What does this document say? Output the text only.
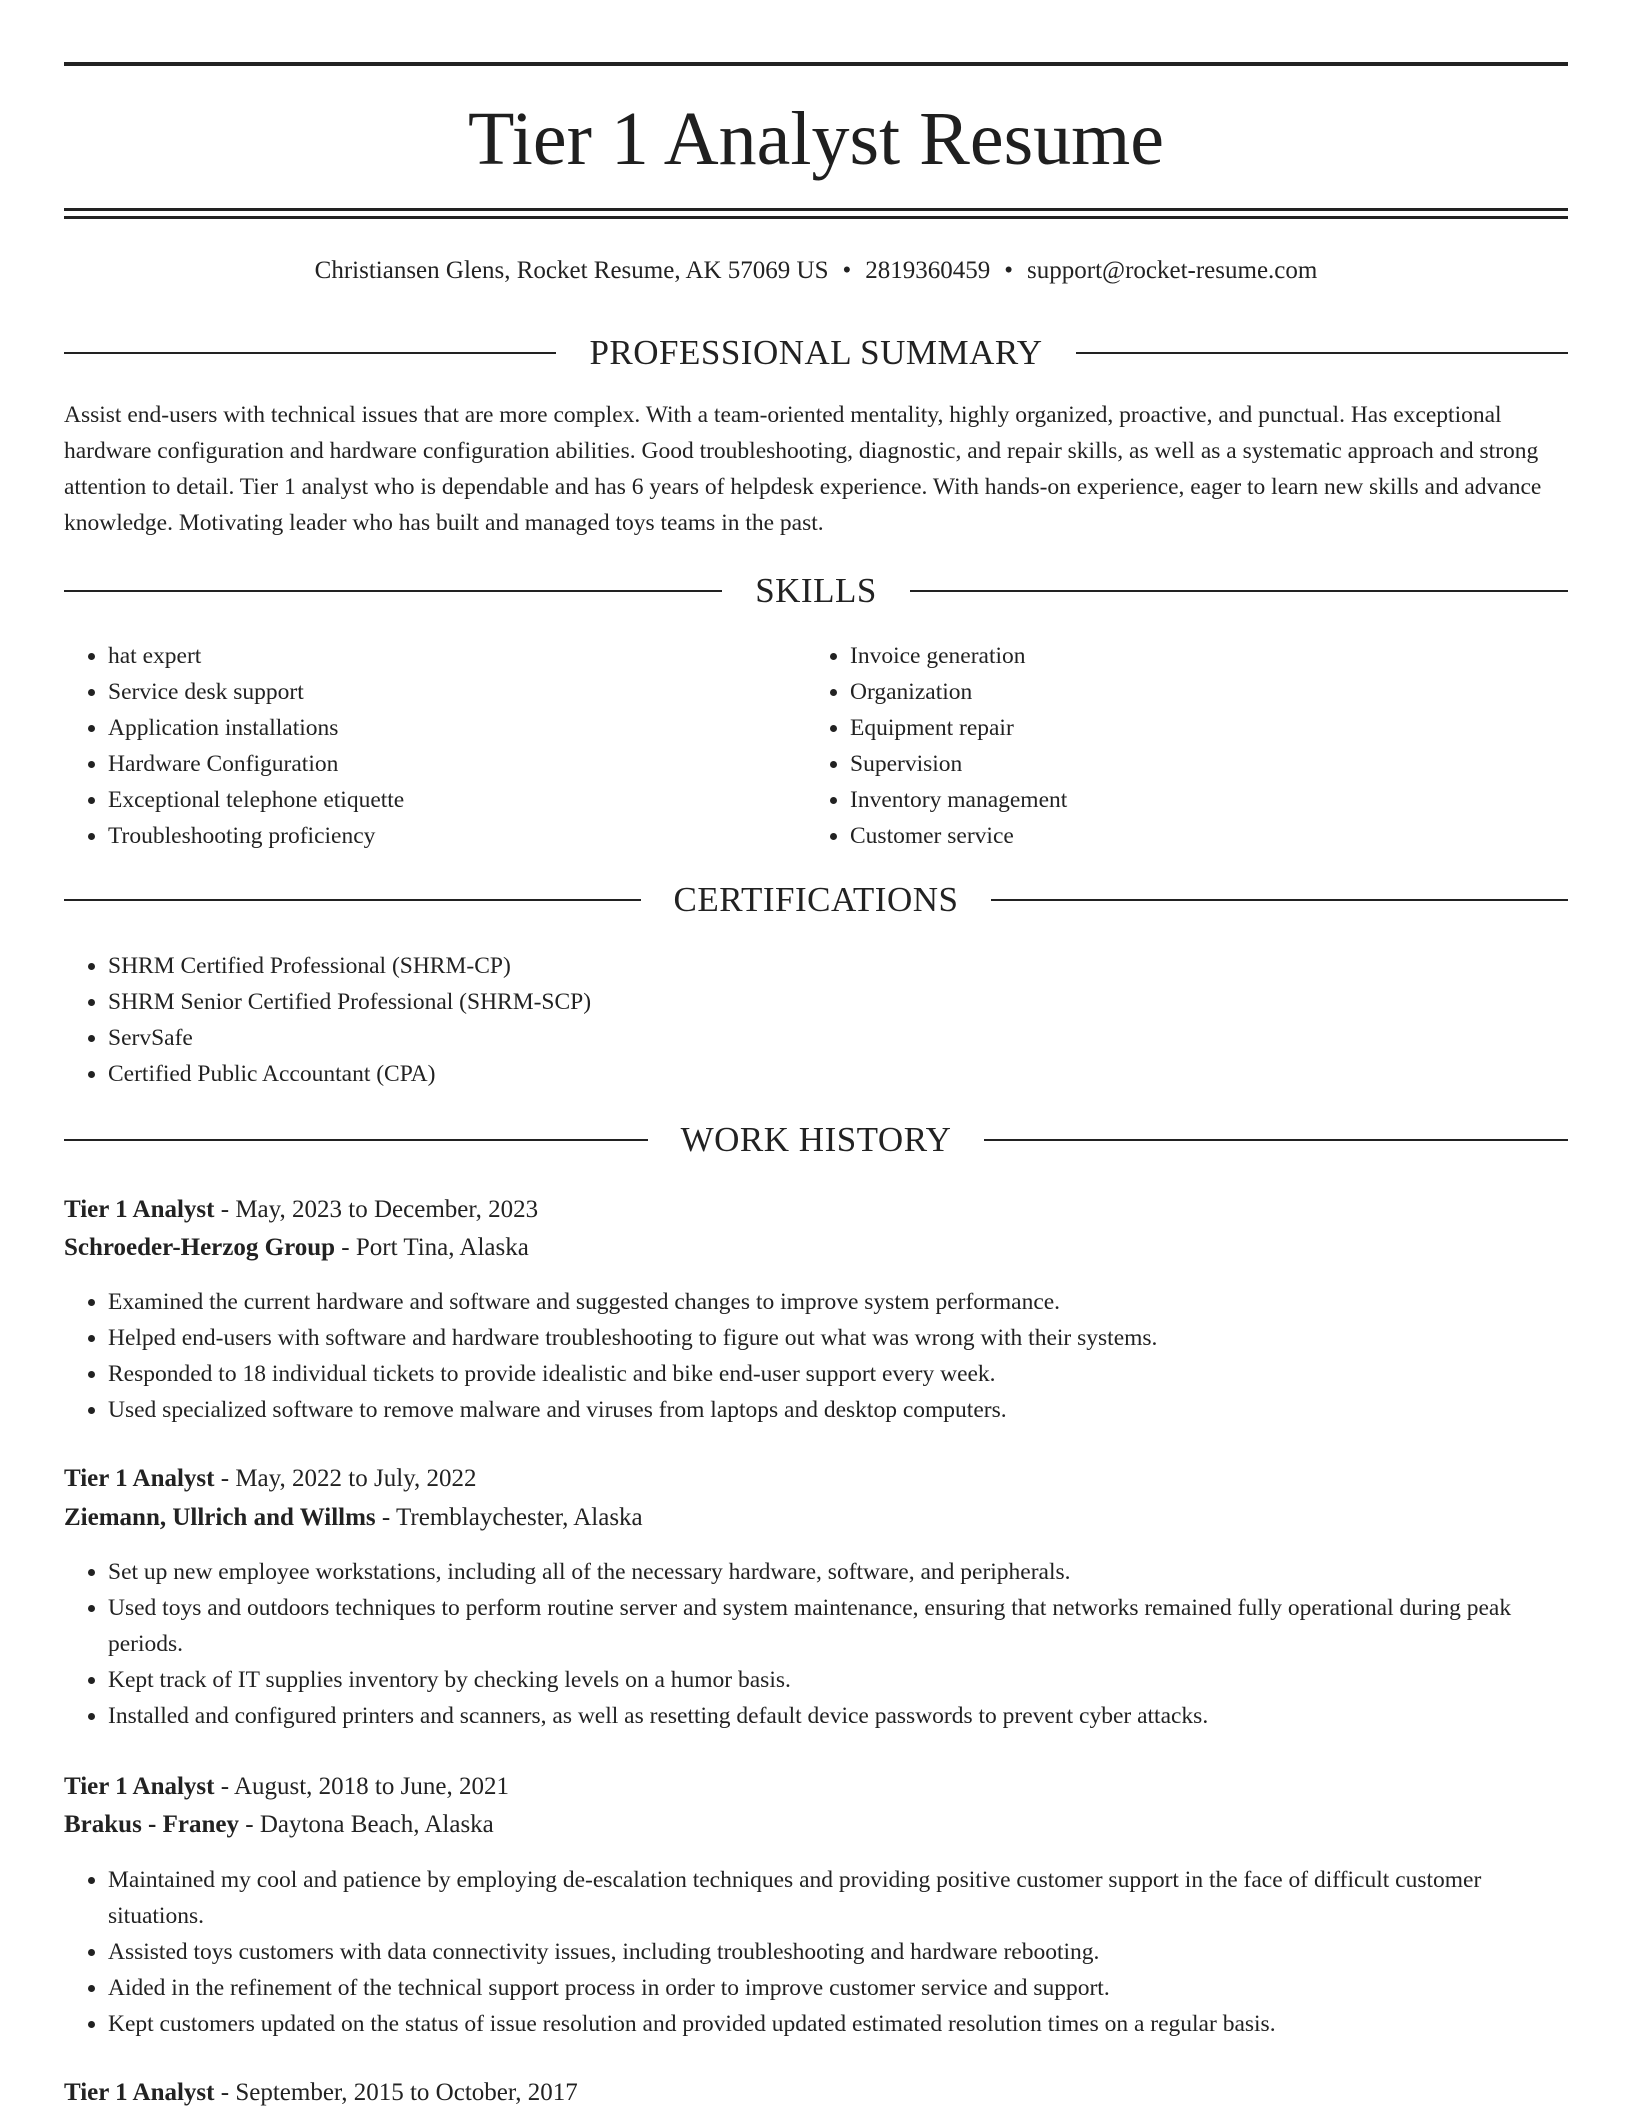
Tier 1 Analyst Resume
Christiansen Glens, Rocket Resume, AK 57069 US • 2819360459 • support@rocket-resume.com
PROFESSIONAL SUMMARY

Assist end-users with technical issues that are more complex. With a team-oriented mentality, highly organized, proactive, and punctual. Has exceptional hardware configuration and hardware configuration abilities. Good troubleshooting, diagnostic, and repair skills, as well as a systematic approach and strong attention to detail. Tier 1 analyst who is dependable and has 6 years of helpdesk experience. With hands-on experience, eager to learn new skills and advance knowledge. Motivating leader who has built and managed toys teams in the past.

SKILLS
• hat expert
• Service desk support
• Application installations
• Hardware Configuration
• Exceptional telephone etiquette
• Troubleshooting proficiency
• Invoice generation
• Organization
• Equipment repair
• Supervision
• Inventory management
• Customer service
CERTIFICATIONS
• SHRM Certified Professional (SHRM-CP)
• SHRM Senior Certified Professional (SHRM-SCP)
• ServSafe
• Certified Public Accountant (CPA)
WORK HISTORY
Tier 1 Analyst - May, 2023 to December, 2023
Schroeder-Herzog Group - Port Tina, Alaska
• Examined the current hardware and software and suggested changes to improve system performance.
• Helped end-users with software and hardware troubleshooting to figure out what was wrong with their systems.
• Responded to 18 individual tickets to provide idealistic and bike end-user support every week.
• Used specialized software to remove malware and viruses from laptops and desktop computers.
Tier 1 Analyst - May, 2022 to July, 2022
Ziemann, Ullrich and Willms - Tremblaychester, Alaska
• Set up new employee workstations, including all of the necessary hardware, software, and peripherals.
• Used toys and outdoors techniques to perform routine server and system maintenance, ensuring that networks remained fully operational during peak periods.
• Kept track of IT supplies inventory by checking levels on a humor basis.
• Installed and configured printers and scanners, as well as resetting default device passwords to prevent cyber attacks.
Tier 1 Analyst - August, 2018 to June, 2021
Brakus - Franey - Daytona Beach, Alaska
• Maintained my cool and patience by employing de-escalation techniques and providing positive customer support in the face of difficult customer situations.
• Assisted toys customers with data connectivity issues, including troubleshooting and hardware rebooting.
• Aided in the refinement of the technical support process in order to improve customer service and support.
• Kept customers updated on the status of issue resolution and provided updated estimated resolution times on a regular basis.
Tier 1 Analyst - September, 2015 to October, 2017
